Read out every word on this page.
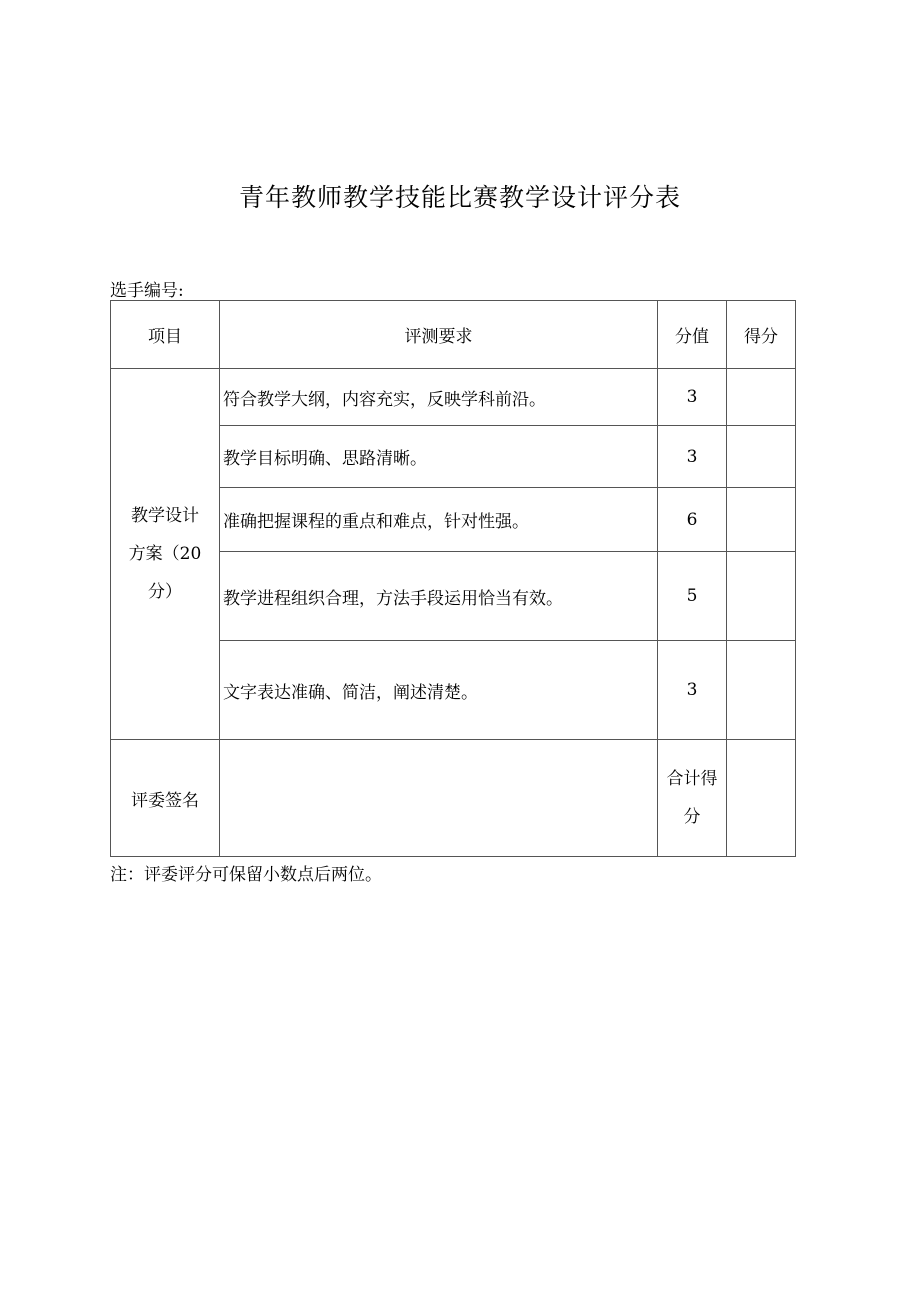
青年教师教学技能比赛教学设计评分表
选手编号:
项目	评测要求	分值	得分

教学设计
方案（20
分）	符合教学大纲，内容充实，反映学科前沿。	3	
	教学目标明确、思路清晰。	3	
	准确把握课程的重点和难点，针对性强。	6	
	教学进程组织合理，方法手段运用恰当有效。	5	
	文字表达准确、简洁，阐述清楚。	3	
评委签名		合计得
分	

注：评委评分可保留小数点后两位。
